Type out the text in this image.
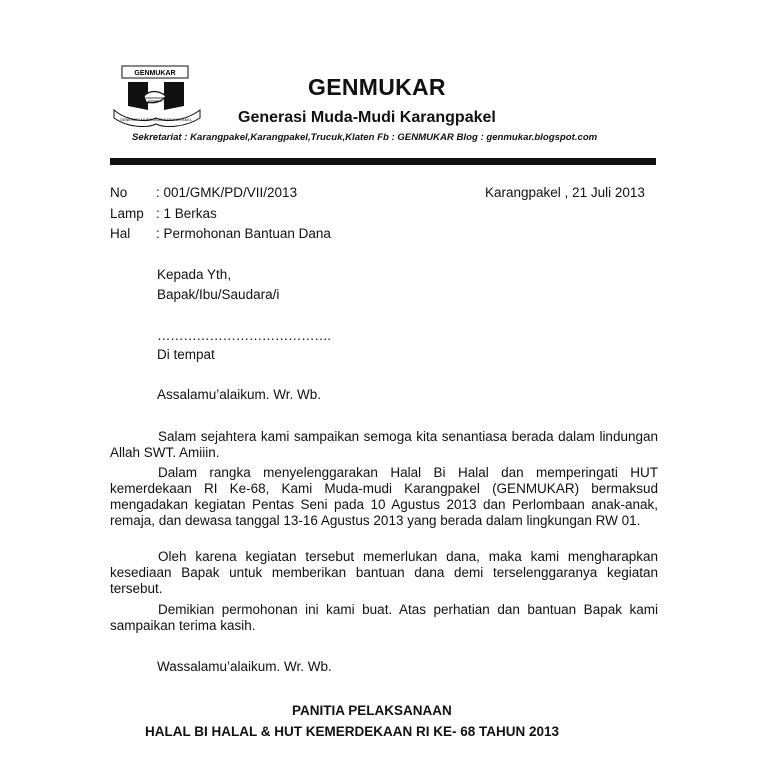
GENMUKAR
GENERASI MUDA-MUDI KARANGPAKEL
GENMUKAR
Generasi Muda-Mudi Karangpakel
Sekretariat : Karangpakel,Karangpakel,Trucuk,Klaten Fb : GENMUKAR Blog : genmukar.blogspot.com
No : 001/GMK/PD/VII/2013
Lamp : 1 Berkas
Hal : Permohonan Bantuan Dana
Karangpakel , 21 Juli 2013
Kepada Yth,
Bapak/Ibu/Saudara/i
………………………………….
Di tempat
Assalamu’alaikum. Wr. Wb.
Salam sejahtera kami sampaikan semoga kita senantiasa berada dalam lindungan Allah SWT. Amiiin.
Dalam rangka menyelenggarakan Halal Bi Halal dan memperingati HUT kemerdekaan RI Ke-68, Kami Muda-mudi Karangpakel (GENMUKAR) bermaksud mengadakan kegiatan Pentas Seni pada 10 Agustus 2013 dan Perlombaan anak-anak, remaja, dan dewasa tanggal 13-16 Agustus 2013 yang berada dalam lingkungan RW 01.
Oleh karena kegiatan tersebut memerlukan dana, maka kami mengharapkan kesediaan Bapak untuk memberikan bantuan dana demi terselenggaranya kegiatan tersebut.
Demikian permohonan ini kami buat. Atas perhatian dan bantuan Bapak kami sampaikan terima kasih.
Wassalamu’alaikum. Wr. Wb.
PANITIA PELAKSANAAN
HALAL BI HALAL & HUT KEMERDEKAAN RI KE- 68 TAHUN 2013
